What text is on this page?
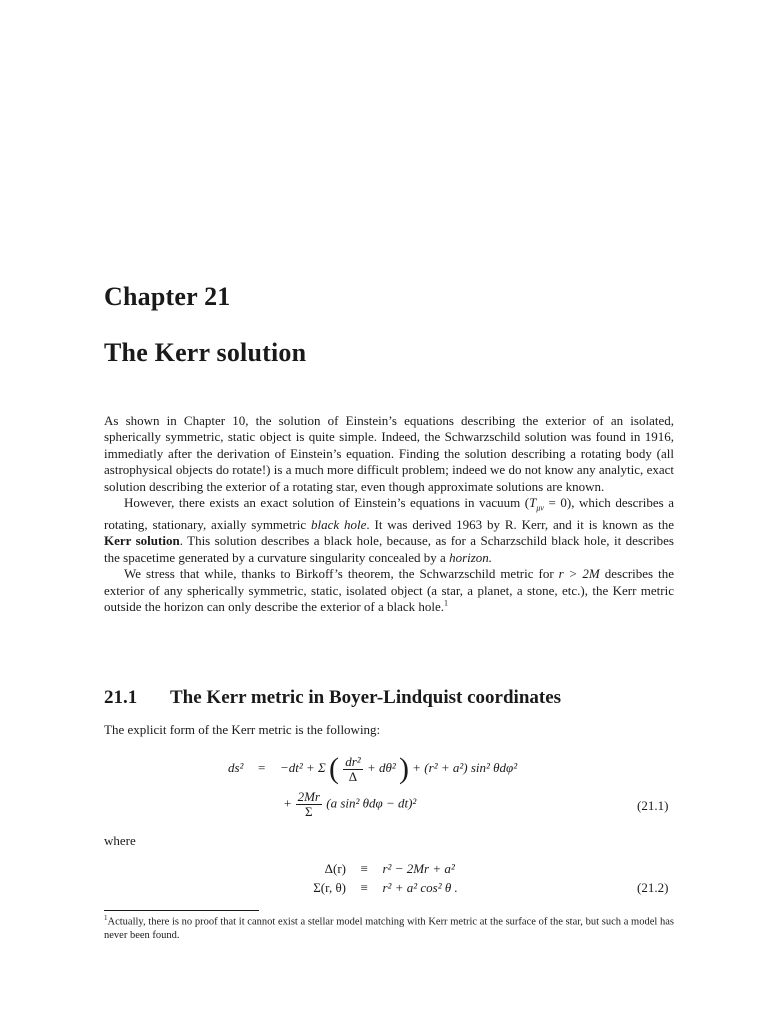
Chapter 21
The Kerr solution

As shown in Chapter 10, the solution of Einstein’s equations describing the exterior of an isolated, spherically symmetric, static object is quite simple. Indeed, the Schwarzschild solution was found in 1916, immediatly after the derivation of Einstein’s equation. Finding the solution describing a rotating body (all astrophysical objects do rotate!) is a much more difficult problem; indeed we do not know any analytic, exact solution describing the exterior of a rotating star, even though approximate solutions are known.

However, there exists an exact solution of Einstein’s equations in vacuum $(T_{\mu\nu} = 0)$, which describes a rotating, stationary, axially symmetric black hole. It was derived 1963 by R. Kerr, and it is known as the Kerr solution. This solution describes a black hole, because, as for a Scharzschild black hole, it describes the spacetime generated by a curvature singularity concealed by a horizon.

We stress that while, thanks to Birkoff’s theorem, the Schwarzschild metric for r > 2M describes the exterior of any spherically symmetric, static, isolated object (a star, a planet, a stone, etc.), the Kerr metric outside the horizon can only describe the exterior of a black hole.$^1$

21.1 The Kerr metric in Boyer-Lindquist coordinates
The explicit form of the Kerr metric is the following:
ds² = −dt² + Σ ( $\frac{\text{dr²}}{\Delta} + d\theta^2$ ) + (r² + a²) sin² θdφ²
+ $\frac{2Mr}{\Sigma} (a$ sin² θdφ − dt)²	(21.1)
where
Δ(r) ≡ r² − 2Mr + a²
Σ(r, θ) ≡ r² + a² cos² θ .	(21.2)
$^1$Actually, there is no proof that it cannot exist a stellar model matching with Kerr metric at the surface of the star, but such a model has never been found.
